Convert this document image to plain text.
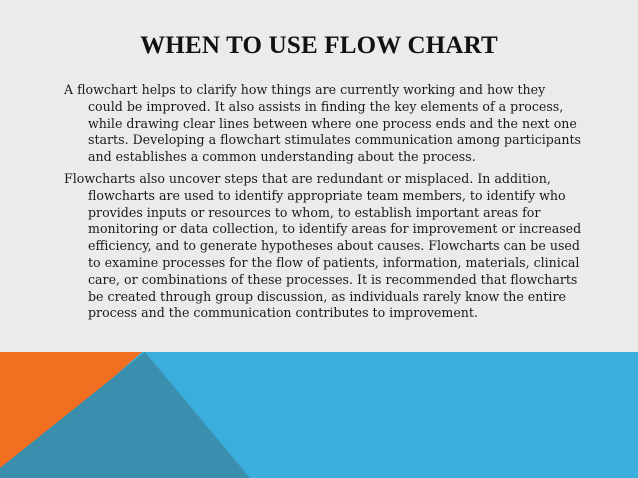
WHEN TO USE FLOW CHART

A flowchart helps to clarify how things are currently working and how they could be improved. It also assists in finding the key elements of a process, while drawing clear lines between where one process ends and the next one starts. Developing a flowchart stimulates communication among participants and establishes a common understanding about the process.

Flowcharts also uncover steps that are redundant or misplaced. In addition, flowcharts are used to identify appropriate team members, to identify who provides inputs or resources to whom, to establish important areas for monitoring or data collection, to identify areas for improvement or increased efficiency, and to generate hypotheses about causes. Flowcharts can be used to examine processes for the flow of patients, information, materials, clinical care, or combinations of these processes. It is recommended that flowcharts be created through group discussion, as individuals rarely know the entire process and the communication contributes to improvement.
